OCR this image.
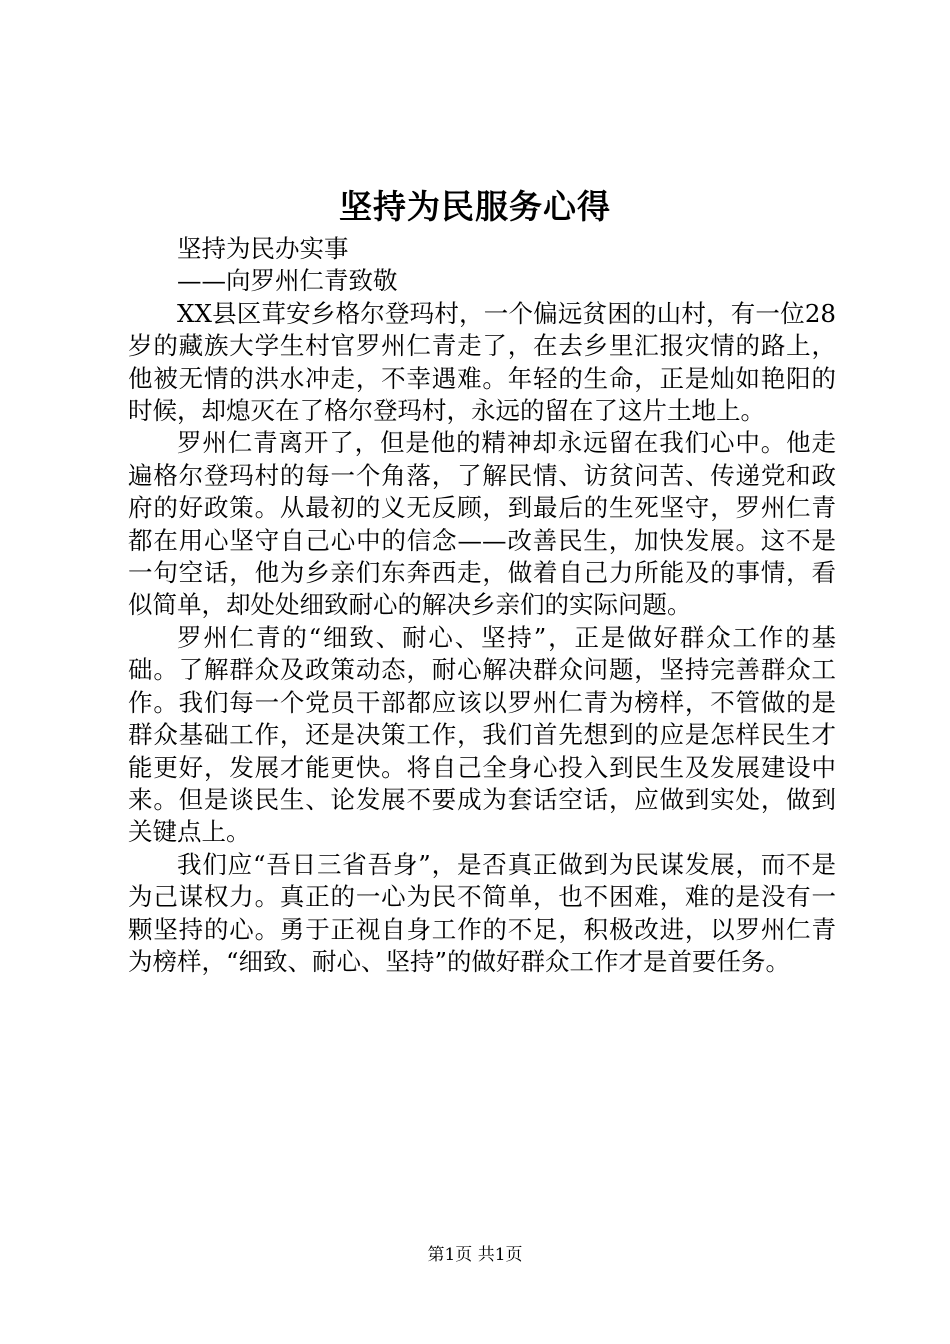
坚持为民服务心得

坚持为民办实事

——向罗州仁青致敬

XX县区茸安乡格尔登玛村，一个偏远贫困的山村，有一位28岁的藏族大学生村官罗州仁青走了，在去乡里汇报灾情的路上，他被无情的洪水冲走，不幸遇难。年轻的生命，正是灿如艳阳的时候，却熄灭在了格尔登玛村，永远的留在了这片土地上。

罗州仁青离开了，但是他的精神却永远留在我们心中。他走遍格尔登玛村的每一个角落，了解民情、访贫问苦、传递党和政府的好政策。从最初的义无反顾，到最后的生死坚守，罗州仁青都在用心坚守自己心中的信念——改善民生，加快发展。这不是一句空话，他为乡亲们东奔西走，做着自己力所能及的事情，看似简单，却处处细致耐心的解决乡亲们的实际问题。

罗州仁青的“细致、耐心、坚持”，正是做好群众工作的基础。了解群众及政策动态，耐心解决群众问题，坚持完善群众工作。我们每一个党员干部都应该以罗州仁青为榜样，不管做的是群众基础工作，还是决策工作，我们首先想到的应是怎样民生才能更好，发展才能更快。将自己全身心投入到民生及发展建设中来。但是谈民生、论发展不要成为套话空话，应做到实处，做到关键点上。

我们应“吾日三省吾身”，是否真正做到为民谋发展，而不是为己谋权力。真正的一心为民不简单，也不困难，难的是没有一颗坚持的心。勇于正视自身工作的不足，积极改进，以罗州仁青为榜样，“细致、耐心、坚持”的做好群众工作才是首要任务。

第1页 共1页
